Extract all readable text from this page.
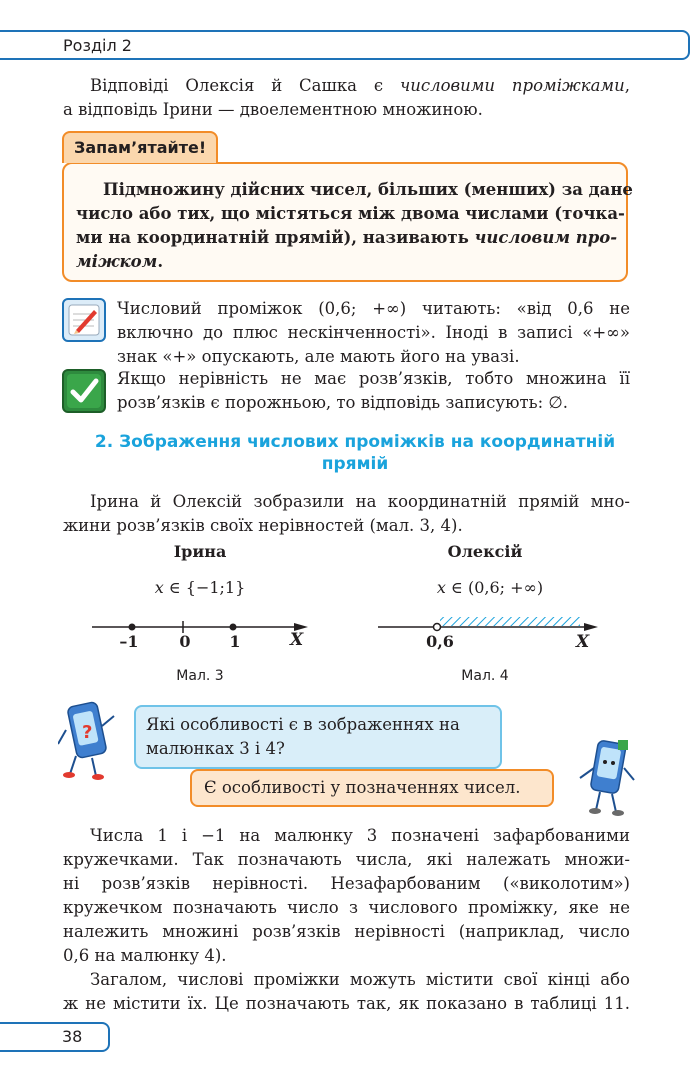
Розділ 2
Відповіді Олексія й Сашка є числовими проміжками,
а відповідь Ірини — двоелементною множиною.
Запам’ятайте!
Підмножину дійсних чисел, більших (менших) за дане
число або тих, що містяться між двома числами (точка-
ми на координатній прямій), називають числовим про-
міжком.
Числовий проміжок (0,6; +∞) читають: «від 0,6 не
включно до плюс нескінченності». Іноді в записі «+∞»
знак «+» опускають, але мають його на увазі.
Якщо нерівність не має розв’язків, тобто множина її
розв’язків є порожньою, то відповідь записують: ∅.
2. Зображення числових проміжків на координатній
прямій
Ірина й Олексій зобразили на координатній прямій мно-
жини розв’язків своїх нерівностей (мал. 3, 4).
Ірина
x ∈ {−1;1}
–1	0	1	X
Мал. 3
Олексій
x ∈ (0,6; +∞)
0,6	X
Мал. 4
?	Які особливості є в зображеннях на
малюнках 3 і 4?
Є особливості у позначеннях чисел.
Числа 1 і −1 на малюнку 3 позначені зафарбованими
кружечками. Так позначають числа, які належать множи-
ні розв’язків нерівності. Незафарбованим («виколотим»)
кружечком позначають число з числового проміжку, яке не
належить множині розв’язків нерівності (наприклад, число
0,6 на малюнку 4).
Загалом, числові проміжки можуть містити свої кінці або
ж не містити їх. Це позначають так, як показано в таблиці 11.
38
